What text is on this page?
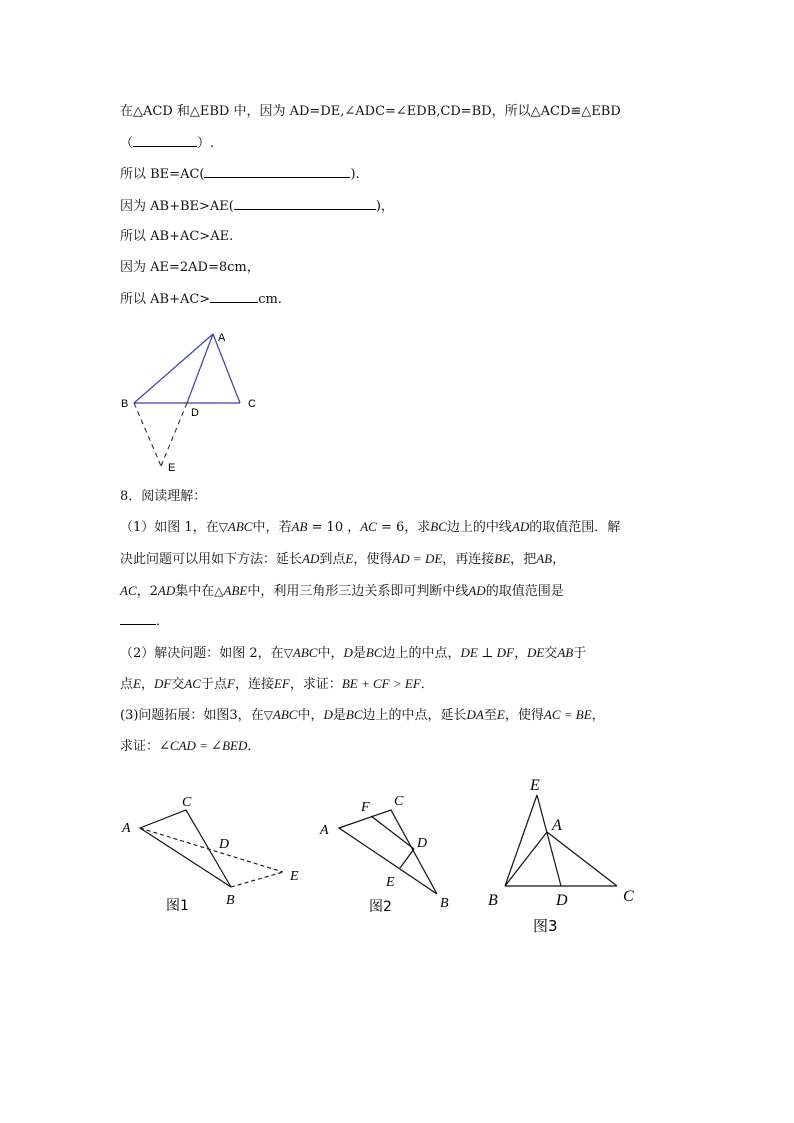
在△ACD 和△EBD 中，因为 AD=DE,∠ADC=∠EDB,CD=BD，所以△ACD≌△EBD
（	）.
所以 BE=AC(	).
因为 AB+BE>AE(	)，
所以 AB+AC>AE.
因为 AE=2AD=8cm，
所以 AB+AC>	cm.
A
B	C
D
E
8．阅读理解：
（1）如图 1，在▽ABC中，若AB = 10 ，AC = 6，求BC边上的中线AD的取值范围．解
决此问题可以用如下方法：延长AD到点E，使得AD = DE，再连接BE，把AB，
AC，2AD集中在△ABE中，利用三角形三边关系即可判断中线AD的取值范围是
．
（2）解决问题：如图 2，在▽ABC中，D是BC边上的中点，DE ⊥ DF，DE交AB于
点E，DF交AC于点F，连接EF，求证：BE + CF > EF．
(3)问题拓展：如图3，在▽ABC中，D是BC边上的中点，延长DA至E，使得AC = BE，
求证：∠CAD = ∠BED．
A
C
D
E
B
图1
A
F C
D
E
B
图2
E
A
B	D	C
图3
